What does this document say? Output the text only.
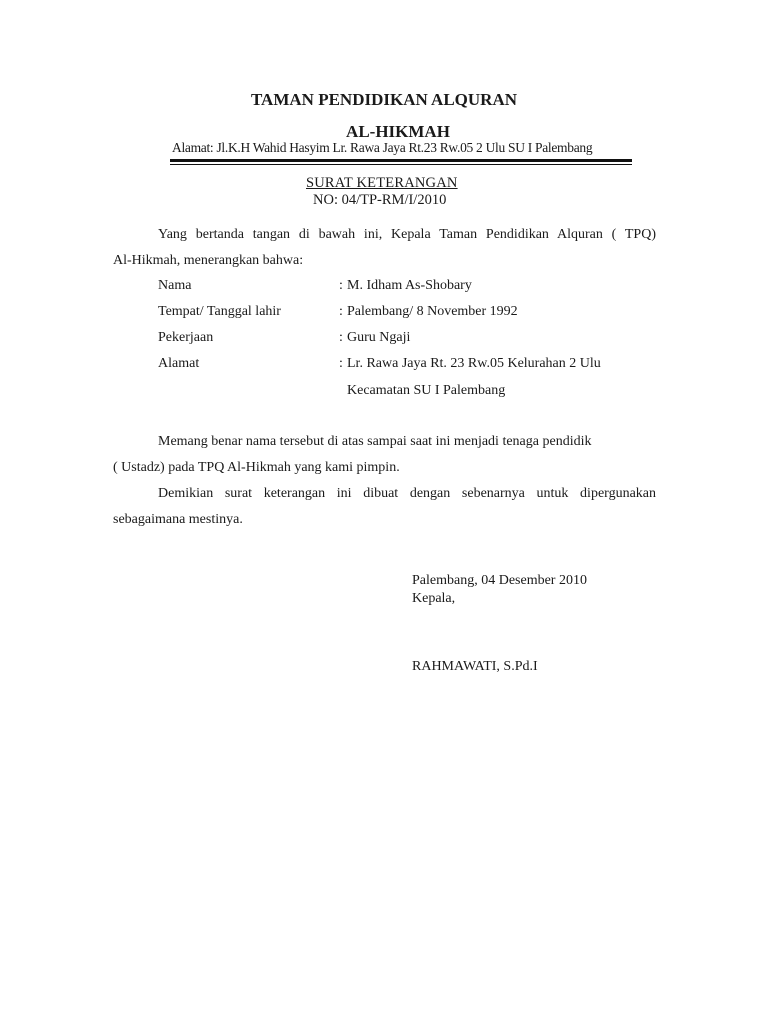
TAMAN PENDIDIKAN ALQURAN
AL-HIKMAH
Alamat: Jl.K.H Wahid Hasyim Lr. Rawa Jaya Rt.23 Rw.05 2 Ulu SU I Palembang
SURAT KETERANGAN
NO: 04/TP-RM/I/2010
Yang bertanda tangan di bawah ini, Kepala Taman Pendidikan Alquran ( TPQ)
Al-Hikmah, menerangkan bahwa:
Nama	: M. Idham As-Shobary
Tempat/ Tanggal lahir	: Palembang/ 8 November 1992
Pekerjaan	: Guru Ngaji
Alamat	: Lr. Rawa Jaya Rt. 23 Rw.05 Kelurahan 2 Ulu
Kecamatan SU I Palembang
Memang benar nama tersebut di atas sampai saat ini menjadi tenaga pendidik
( Ustadz) pada TPQ Al-Hikmah yang kami pimpin.
Demikian surat keterangan ini dibuat dengan sebenarnya untuk dipergunakan
sebagaimana mestinya.
Palembang, 04 Desember 2010
Kepala,
RAHMAWATI, S.Pd.I
